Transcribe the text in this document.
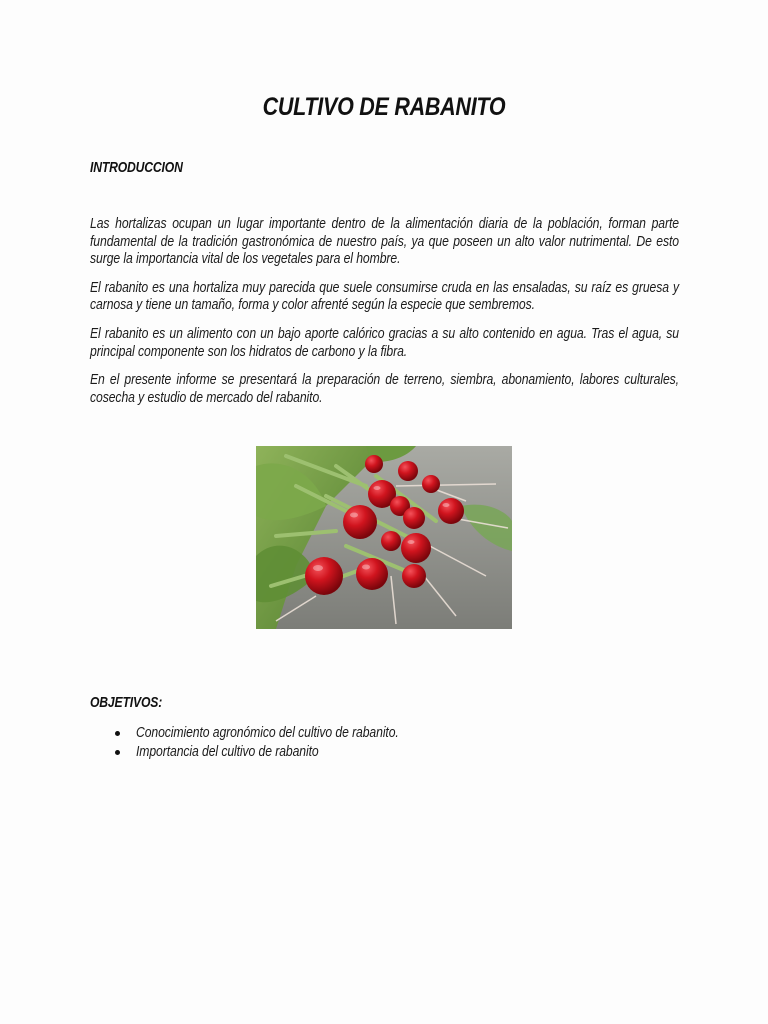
CULTIVO DE RABANITO
INTRODUCCION

Las hortalizas ocupan un lugar importante dentro de la alimentación diaria de la población, forman parte fundamental de la tradición gastronómica de nuestro país, ya que poseen un alto valor nutrimental. De esto surge la importancia vital de los vegetales para el hombre.

El rabanito es una hortaliza muy parecida que suele consumirse cruda en las ensaladas, su raíz es gruesa y carnosa y tiene un tamaño, forma y color afrenté según la especie que sembremos.

El rabanito es un alimento con un bajo aporte calórico gracias a su alto contenido en agua. Tras el agua, su principal componente son los hidratos de carbono y la fibra.

En el presente informe se presentará la preparación de terreno, siembra, abonamiento, labores culturales, cosecha y estudio de mercado del rabanito.

OBJETIVOS:
Conocimiento agronómico del cultivo de rabanito.
Importancia del cultivo de rabanito
